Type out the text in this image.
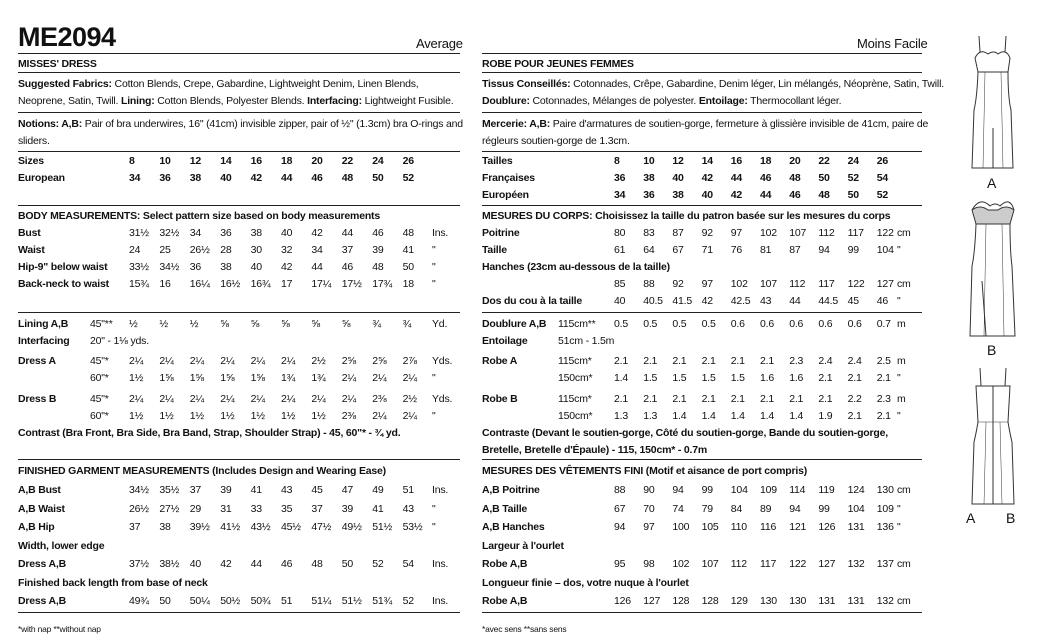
ME2094	Average	Moins Facile
MISSES' DRESS
Suggested Fabrics: Cotton Blends, Crepe, Gabardine, Lightweight Denim, Linen Blends,
Neoprene, Satin, Twill. Lining: Cotton Blends, Polyester Blends. Interfacing: Lightweight Fusible.
Notions: A,B: Pair of bra underwires, 16" (41cm) invisible zipper, pair of ½" (1.3cm) bra O-rings and
sliders.
Sizes	8 10 12 14 16 18 20 22 24 26
European	34 36 38 40 42 44 46 48 50 52
BODY MEASUREMENTS: Select pattern size based on body measurements
Bust	31½ 32½ 34 36 38 40 42 44 46 48 Ins.
Waist	24 25 26½ 28 30 32 34 37 39 41 "
Hip-9" below waist 33½ 34½ 36 38 40 42 44 46 48 50 "
Back-neck to waist 15¾ 16 16¼ 16½ 16¾ 17 17¼ 17½ 17¾ 18 "
Lining A,B 45"** ½ ½ ½ ⅝ ⅝ ⅝ ⅝ ⅝ ¾ ¾ Yd.
Interfacing 20" - 1⅛ yds.
Dress A	45"* 2¼ 2¼ 2¼ 2¼ 2¼ 2¼ 2½ 2⅝ 2⅝ 2⅞ Yds.
60"* 1½ 1⅝ 1⅝ 1⅝ 1⅝ 1¾ 1¾ 2¼ 2¼ 2¼ "
Dress B	45"* 2¼ 2¼ 2¼ 2¼ 2¼ 2¼ 2¼ 2¼ 2⅜ 2½ Yds.
60"* 1½ 1½ 1½ 1½ 1½ 1½ 1½ 2⅜ 2¼ 2¼ "
Contrast (Bra Front, Bra Side, Bra Band, Strap, Shoulder Strap) - 45, 60"* - ¾ yd.
FINISHED GARMENT MEASUREMENTS (Includes Design and Wearing Ease)
A,B Bust	34½ 35½ 37 39 41 43 45 47 49 51 Ins.
A,B Waist	26½ 27½ 29 31 33 35 37 39 41 43 "
A,B Hip	37 38 39½ 41½ 43½ 45½ 47½ 49½ 51½ 53½ "
Width, lower edge
Dress A,B	37½ 38½ 40 42 44 46 48 50 52 54 Ins.
Finished back length from base of neck
Dress A,B	49¾ 50 50¼ 50½ 50¾ 51 51¼ 51½ 51¾ 52 Ins.
*with nap **without nap
ROBE POUR JEUNES FEMMES
Tissus Conseillés: Cotonnades, Crêpe, Gabardine, Denim léger, Lin mélangés, Néoprène, Satin, Twill.
Doublure: Cotonnades, Mélanges de polyester. Entoilage: Thermocollant léger.
Mercerie: A,B: Paire d'armatures de soutien-gorge, fermeture à glissière invisible de 41cm, paire de
régleurs soutien-gorge de 1.3cm.
Tailles	8 10 12 14 16 18 20 22 24 26
Françaises	36 38 40 42 44 46 48 50 52 54
Européen	34 36 38 40 42 44 46 48 50 52
MESURES DU CORPS: Choisissez la taille du patron basée sur les mesures du corps
Poitrine	80 83 87 92 97 102 107 112 117 122 cm
Taille	61 64 67 71 76 81 87 94 99 104 "
Hanches (23cm au-dessous de la taille)
85 88 92 97 102 107 112 117 122 127 cm
Dos du cou à la taille	40 40.5 41.5 42 42.5 43 44 44.5 45 46 "
Doublure A,B 115cm** 0.5 0.5 0.5 0.5 0.6 0.6 0.6 0.6 0.6 0.7 m
Entoilage	51cm - 1.5m
Robe A	115cm* 2.1 2.1 2.1 2.1 2.1 2.1 2.3 2.4 2.4 2.5 m
150cm* 1.4 1.5 1.5 1.5 1.5 1.6 1.6 2.1 2.1 2.1 "
Robe B	115cm* 2.1 2.1 2.1 2.1 2.1 2.1 2.1 2.1 2.2 2.3 m
150cm* 1.3 1.3 1.4 1.4 1.4 1.4 1.4 1.9 2.1 2.1 "
Contraste (Devant le soutien-gorge, Côté du soutien-gorge, Bande du soutien-gorge,
Bretelle, Bretelle d'Épaule) - 115, 150cm* - 0.7m
MESURES DES VÊTEMENTS FINI (Motif et aisance de port compris)
A,B Poitrine	88 90 94 99 104 109 114 119 124 130 cm
A,B Taille	67 70 74 79 84 89 94 99 104 109 "
A,B Hanches	94 97 100 105 110 116 121 126 131 136 "
Largeur à l'ourlet
Robe A,B	95 98 102 107 112 117 122 127 132 137 cm
Longueur finie – dos, votre nuque à l'ourlet
Robe A,B	126 127 128 128 129 130 130 131 131 132 cm
*avec sens **sans sens
A
B
A B
